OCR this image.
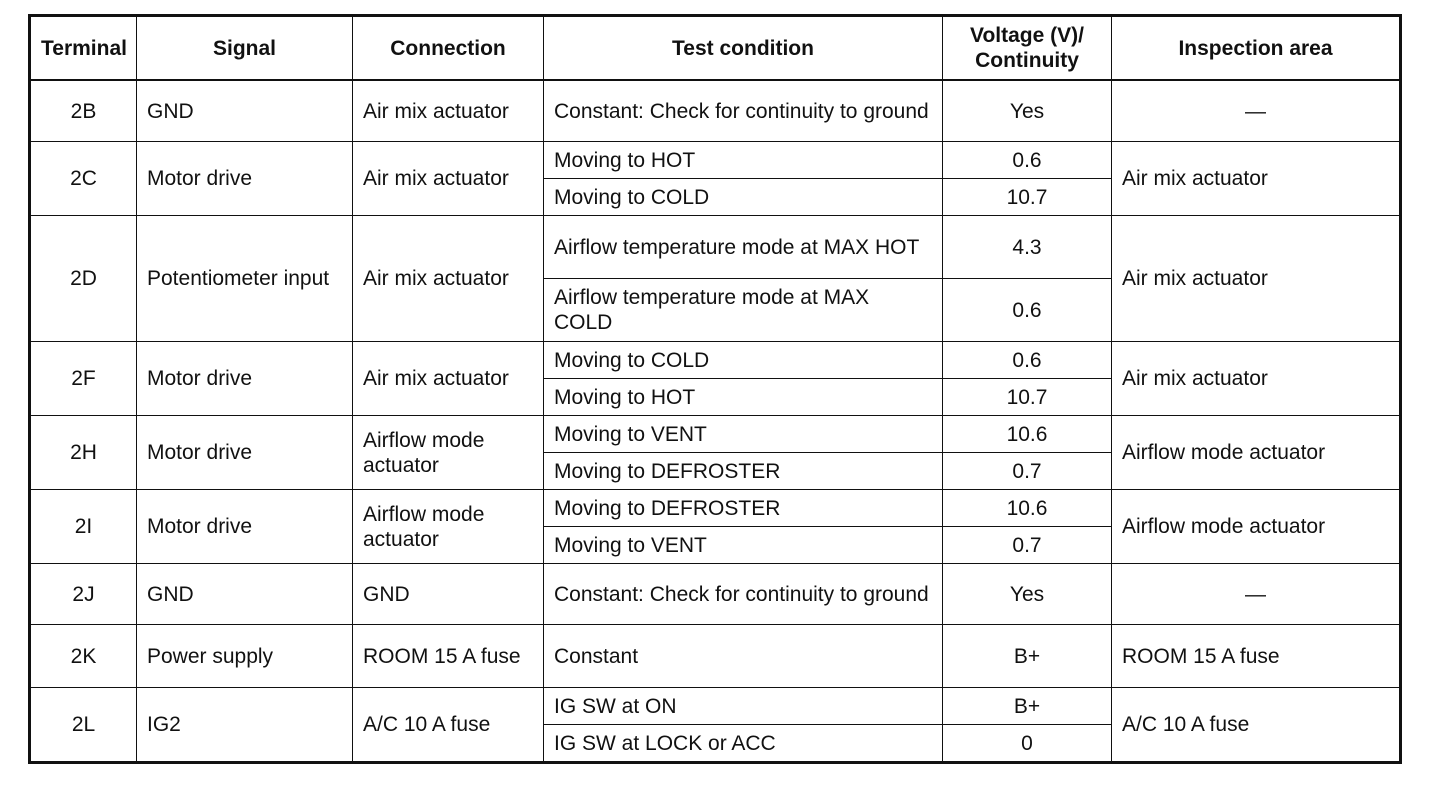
Terminal	Signal	Connection	Test condition	Voltage (V)/ Continuity	Inspection area
2B	GND	Air mix actuator	Constant: Check for continuity to ground	Yes	—
2C	Motor drive	Air mix actuator	Moving to HOT	0.6	Air mix actuator
			Moving to COLD	10.7	
2D	Potentiometer input	Air mix actuator	Airflow temperature mode at MAX HOT	4.3	Air mix actuator
			Airflow temperature mode at MAX COLD	0.6	
2F	Motor drive	Air mix actuator	Moving to COLD	0.6	Air mix actuator
			Moving to HOT	10.7	
2H	Motor drive	Airflow mode actuator	Moving to VENT	10.6	Airflow mode actuator
			Moving to DEFROSTER	0.7	
2I	Motor drive	Airflow mode actuator	Moving to DEFROSTER	10.6	Airflow mode actuator
			Moving to VENT	0.7	
2J	GND	GND	Constant: Check for continuity to ground	Yes	—
2K	Power supply	ROOM 15 A fuse	Constant	B+	ROOM 15 A fuse
2L	IG2	A/C 10 A fuse	IG SW at ON	B+	A/C 10 A fuse
			IG SW at LOCK or ACC	0	
